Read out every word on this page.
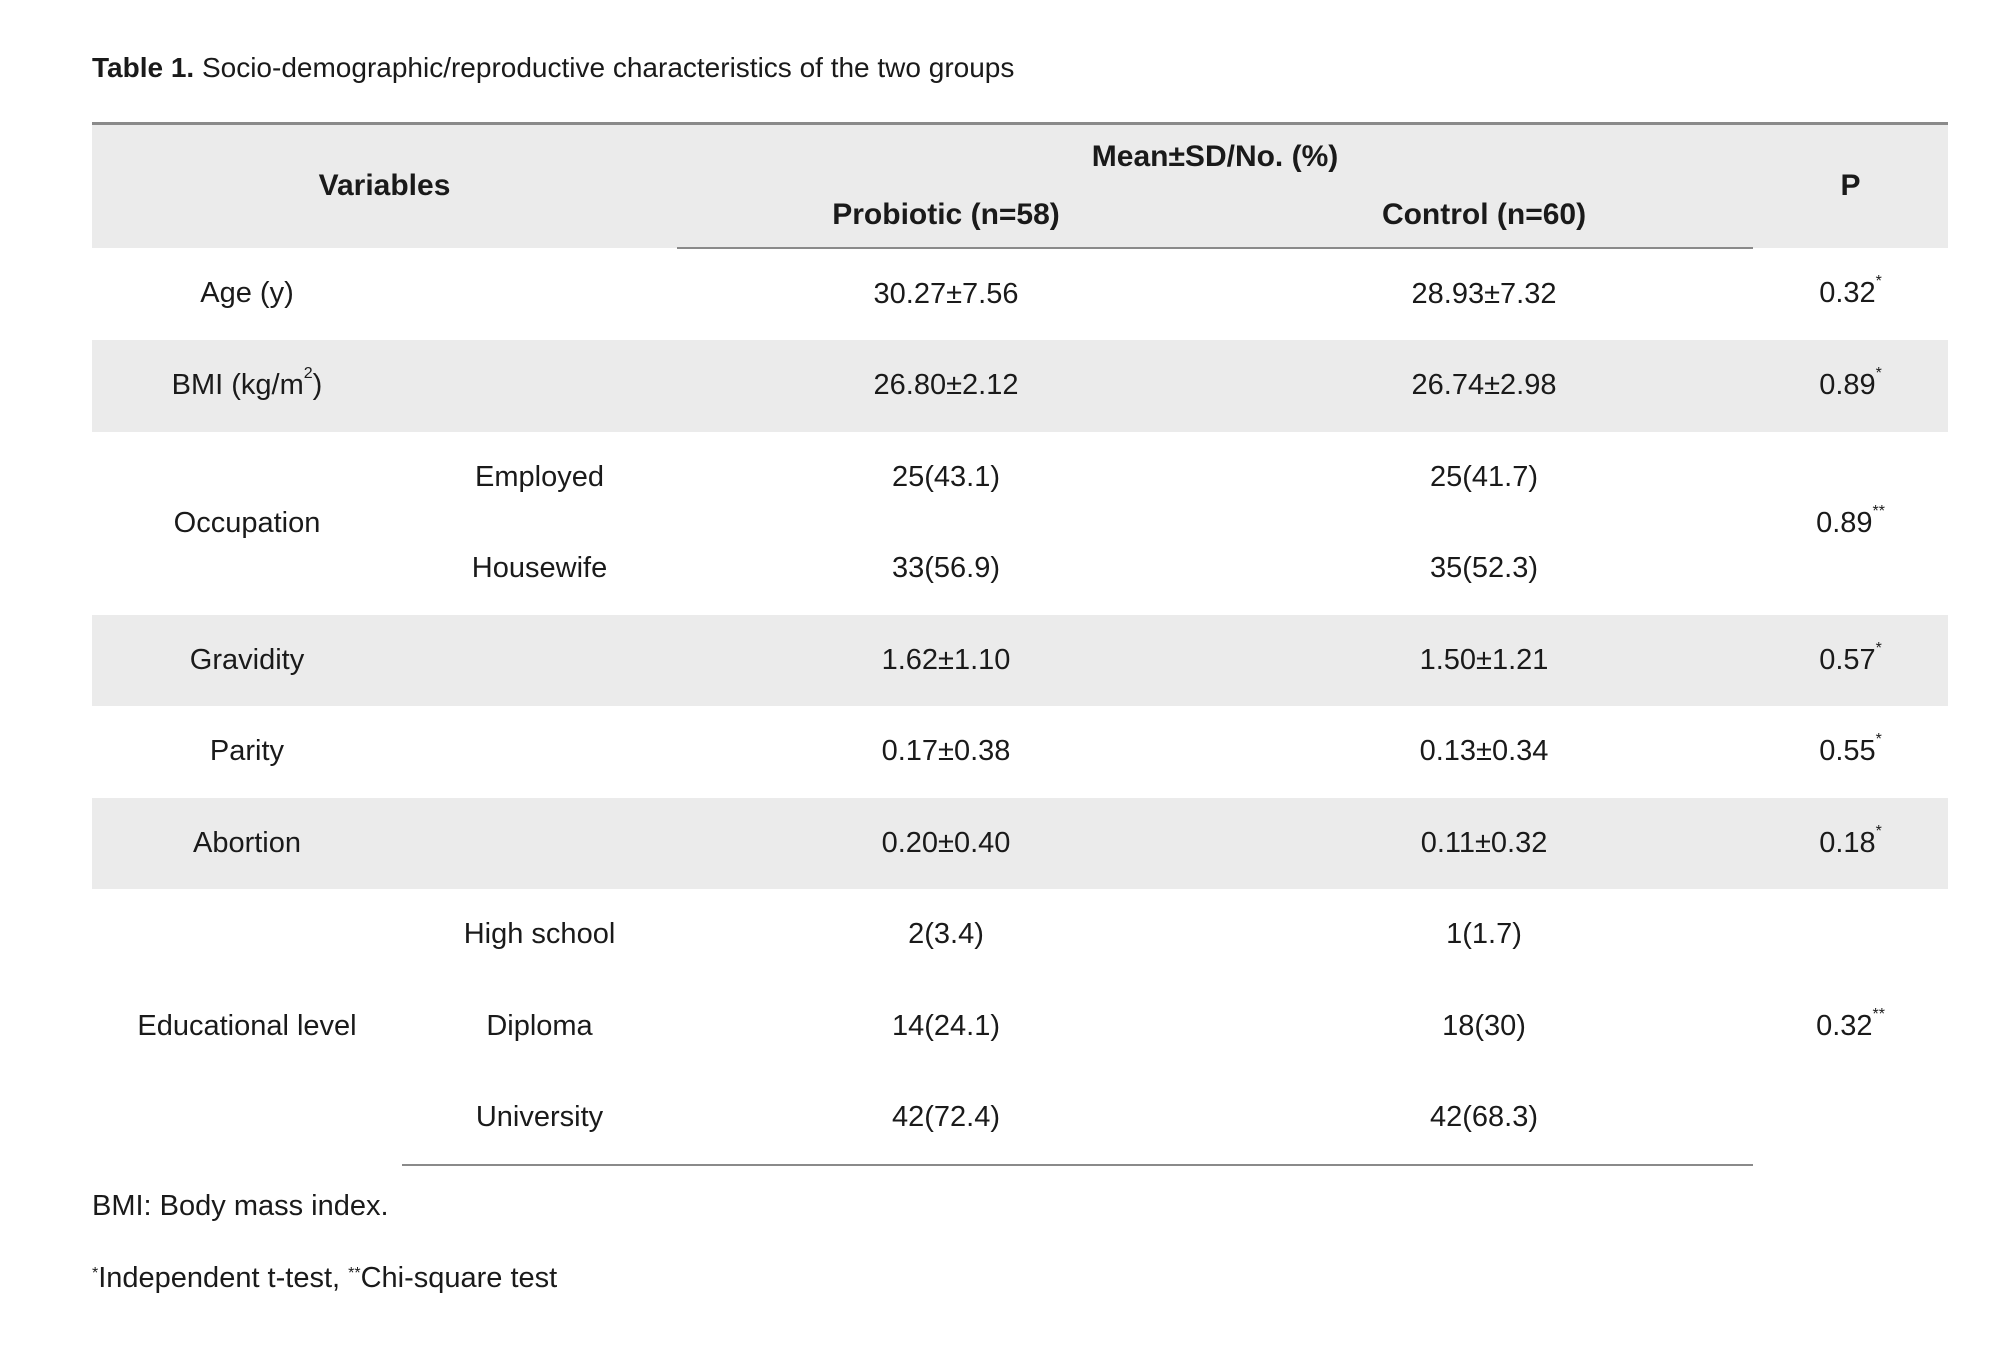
Table 1. Socio-demographic/reproductive characteristics of the two groups
Variables		Mean±SD/No. (%)		P
		Probiotic (n=58)	Control (n=60)	
Age (y)		30.27±7.56	28.93±7.32	0.32*
BMI $(kg/m^2)$		26.80±2.12	26.74±2.98	0.89*
Occupation	Employed	25(43.1)	25(41.7)	0.89**
	Housewife	33(56.9)	35(52.3)	
Gravidity		1.62±1.10	1.50±1.21	0.57*
Parity		0.17±0.38	0.13±0.34	0.55*
Abortion		0.20±0.40	0.11±0.32	0.18*
Educational level	High school	2(3.4)	1(1.7)	0.32**
	Diploma	14(24.1)	18(30)	
	University	42(72.4)	42(68.3)	
BMI: Body mass index.
*Independent t-test, **Chi-square test
